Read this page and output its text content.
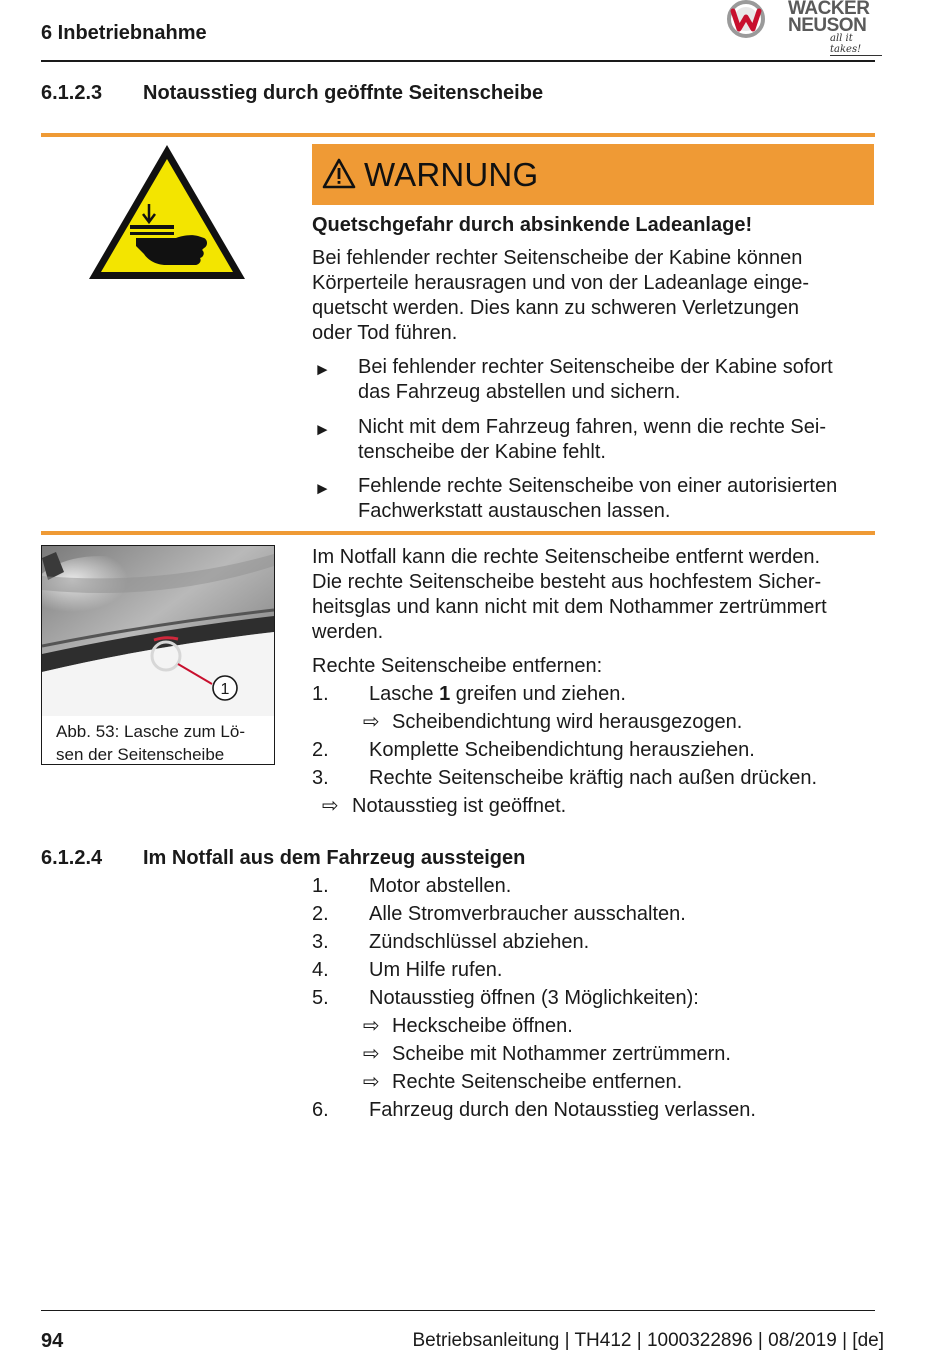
6 Inbetriebnahme
WACKER
NEUSON
all it takes!
6.1.2.3 Notausstieg durch geöffnte Seitenscheibe
WARNUNG
Quetschgefahr durch absinkende Ladeanlage!
Bei fehlender rechter Seitenscheibe der Kabine können
Körperteile herausragen und von der Ladeanlage einge-
quetscht werden. Dies kann zu schweren Verletzungen
oder Tod führen.
► Bei fehlender rechter Seitenscheibe der Kabine sofort
das Fahrzeug abstellen und sichern.
► Nicht mit dem Fahrzeug fahren, wenn die rechte Sei-
tenscheibe der Kabine fehlt.
► Fehlende rechte Seitenscheibe von einer autorisierten
Fachwerkstatt austauschen lassen.
1
Abb. 53: Lasche zum Lö-
sen der Seitenscheibe
Im Notfall kann die rechte Seitenscheibe entfernt werden.
Die rechte Seitenscheibe besteht aus hochfestem Sicher-
heitsglas und kann nicht mit dem Nothammer zertrümmert
werden.
Rechte Seitenscheibe entfernen:
1. Lasche 1 greifen und ziehen.
⇨ Scheibendichtung wird herausgezogen.
2. Komplette Scheibendichtung herausziehen.
3. Rechte Seitenscheibe kräftig nach außen drücken.
⇨ Notausstieg ist geöffnet.
6.1.2.4 Im Notfall aus dem Fahrzeug aussteigen
1. Motor abstellen.
2. Alle Stromverbraucher ausschalten.
3. Zündschlüssel abziehen.
4. Um Hilfe rufen.
5. Notausstieg öffnen (3 Möglichkeiten):
⇨ Heckscheibe öffnen.
⇨ Scheibe mit Nothammer zertrümmern.
⇨ Rechte Seitenscheibe entfernen.
6. Fahrzeug durch den Notausstieg verlassen.
94	Betriebsanleitung | TH412 | 1000322896 | 08/2019 | [de]
